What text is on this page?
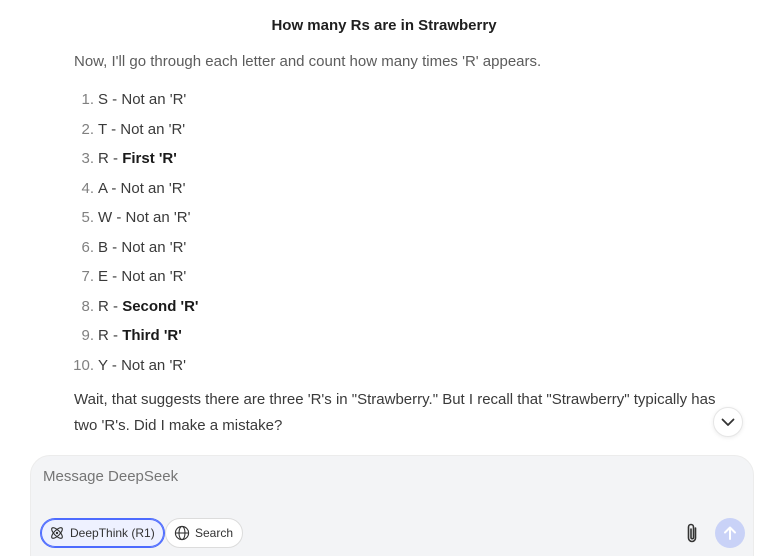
How many Rs are in Strawberry

Now, I'll go through each letter and count how many times 'R' appears.

1. S - Not an 'R'
2. T - Not an 'R'
3. R - First 'R'
4. A - Not an 'R'
5. W - Not an 'R'
6. B - Not an 'R'
7. E - Not an 'R'
8. R - Second 'R'
9. R - Third 'R'
10. Y - Not an 'R'

Wait, that suggests there are three 'R's in "Strawberry." But I recall that "Strawberry" typically has two 'R's. Did I make a mistake?

Message DeepSeek
DeepThink (R1)	Search
